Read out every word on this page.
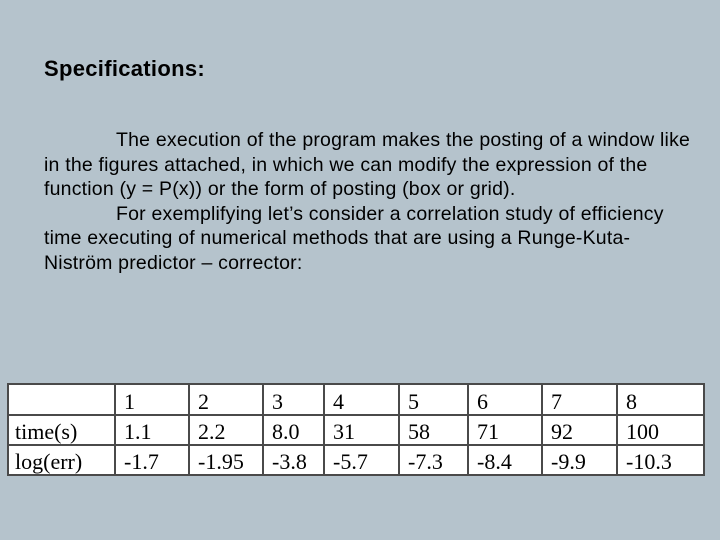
Specifications:

The execution of the program makes the posting of a window like in the figures attached, in which we can modify the expression of the function (y = P(x)) or the form of posting (box or grid).

For exemplifying let’s consider a correlation study of efficiency time executing of numerical methods that are using a Runge-Kuta-Niström predictor – corrector:

	1	2	3	4	5	6	7	8
time(s)	1.1	2.2	8.0	31	58	71	92	100
log(err)	-1.7	-1.95	-3.8	-5.7	-7.3	-8.4	-9.9	-10.3
